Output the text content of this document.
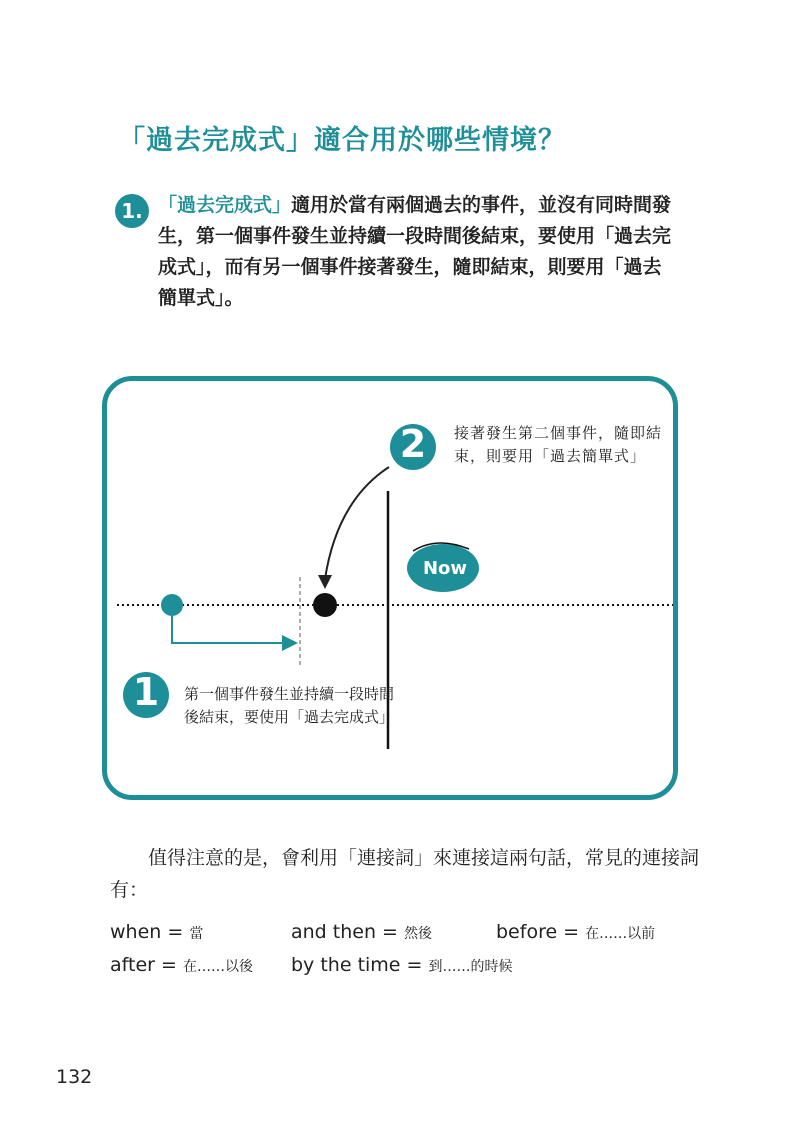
「過去完成式」適合用於哪些情境？
1. 「過去完成式」適用於當有兩個過去的事件，並沒有同時間發生，第一個事件發生並持續一段時間後結束，要使用「過去完成式」，而有另一個事件接著發生，隨即結束，則要用「過去簡單式」。
2	接著發生第二個事件，隨即結束，則要用「過去簡單式」
Now
1	第一個事件發生並持續一段時間後結束，要使用「過去完成式」
值得注意的是，會利用「連接詞」來連接這兩句話，常見的連接詞有：
when = 當	and then = 然後	before = 在……以前
after = 在……以後 by the time = 到……的時候
132
